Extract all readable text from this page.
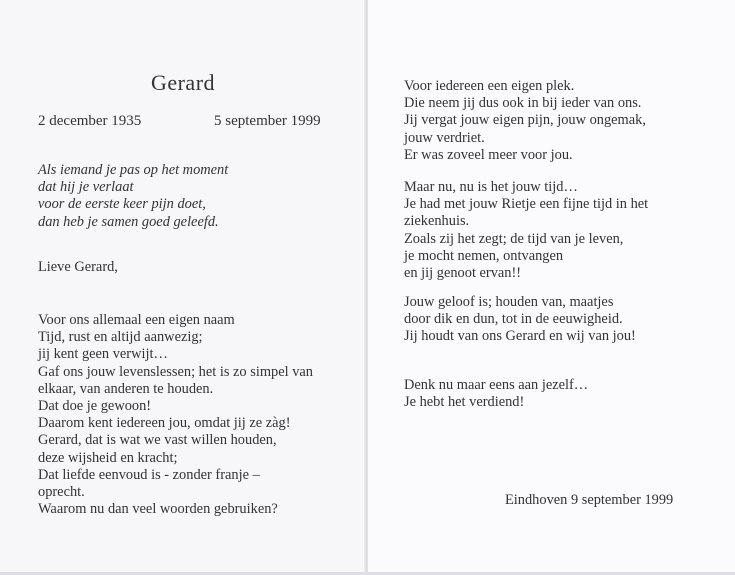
Gerard
2 december 1935	5 september 1999
Als iemand je pas op het moment
dat hij je verlaat
voor de eerste keer pijn doet,
dan heb je samen goed geleefd.
Lieve Gerard,
Voor ons allemaal een eigen naam
Tijd, rust en altijd aanwezig;
jij kent geen verwijt…
Gaf ons jouw levenslessen; het is zo simpel van
elkaar, van anderen te houden.
Dat doe je gewoon!
Daarom kent iedereen jou, omdat jij ze zàg!
Gerard, dat is wat we vast willen houden,
deze wijsheid en kracht;
Dat liefde eenvoud is - zonder franje –
oprecht.
Waarom nu dan veel woorden gebruiken?
Voor iedereen een eigen plek.
Die neem jij dus ook in bij ieder van ons.
Jij vergat jouw eigen pijn, jouw ongemak,
jouw verdriet.
Er was zoveel meer voor jou.
Maar nu, nu is het jouw tijd…
Je had met jouw Rietje een fijne tijd in het
ziekenhuis.
Zoals zij het zegt; de tijd van je leven,
je mocht nemen, ontvangen
en jij genoot ervan!!
Jouw geloof is; houden van, maatjes
door dik en dun, tot in de eeuwigheid.
Jij houdt van ons Gerard en wij van jou!
Denk nu maar eens aan jezelf…
Je hebt het verdiend!
Eindhoven 9 september 1999
